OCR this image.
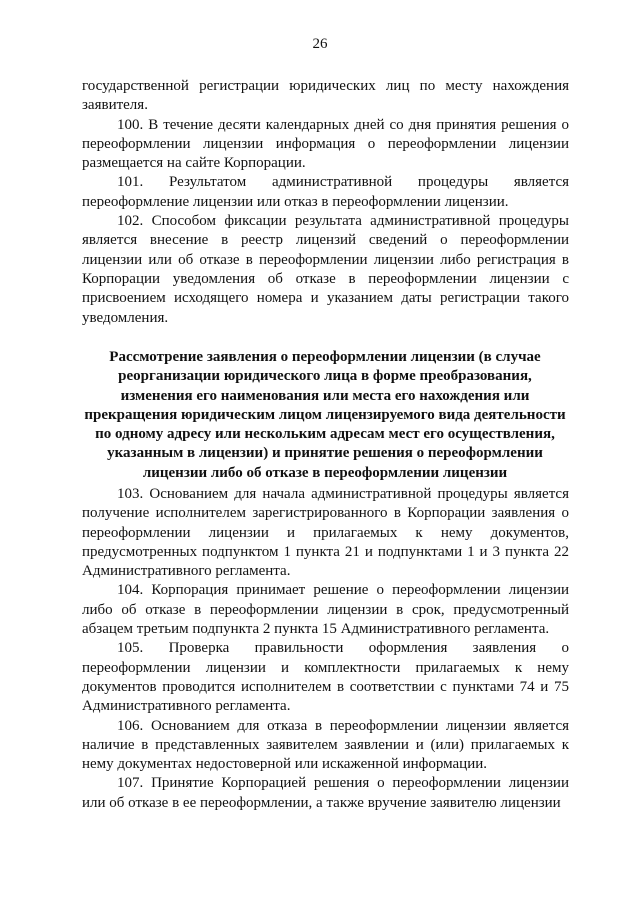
26

государственной регистрации юридических лиц по месту нахождения заявителя.

100. В течение десяти календарных дней со дня принятия решения о переоформлении лицензии информация о переоформлении лицензии размещается на сайте Корпорации.

101. Результатом административной процедуры является переоформление лицензии или отказ в переоформлении лицензии.

102. Способом фиксации результата административной процедуры является внесение в реестр лицензий сведений о переоформлении лицензии или об отказе в переоформлении лицензии либо регистрация в Корпорации уведомления об отказе в переоформлении лицензии с присвоением исходящего номера и указанием даты регистрации такого уведомления.

Рассмотрение заявления о переоформлении лицензии (в случае
реорганизации юридического лица в форме преобразования,
изменения его наименования или места его нахождения или
прекращения юридическим лицом лицензируемого вида деятельности
по одному адресу или нескольким адресам мест его осуществления,
указанным в лицензии) и принятие решения о переоформлении
лицензии либо об отказе в переоформлении лицензии

103. Основанием для начала административной процедуры является получение исполнителем зарегистрированного в Корпорации заявления о переоформлении лицензии и прилагаемых к нему документов, предусмотренных подпунктом 1 пункта 21 и подпунктами 1 и 3 пункта 22 Административного регламента.

104. Корпорация принимает решение о переоформлении лицензии либо об отказе в переоформлении лицензии в срок, предусмотренный абзацем третьим подпункта 2 пункта 15 Административного регламента.

105. Проверка правильности оформления заявления о переоформлении лицензии и комплектности прилагаемых к нему документов проводится исполнителем в соответствии с пунктами 74 и 75 Административного регламента.

106. Основанием для отказа в переоформлении лицензии является наличие в представленных заявителем заявлении и (или) прилагаемых к нему документах недостоверной или искаженной информации.

107. Принятие Корпорацией решения о переоформлении лицензии или об отказе в ее переоформлении, а также вручение заявителю лицензии
